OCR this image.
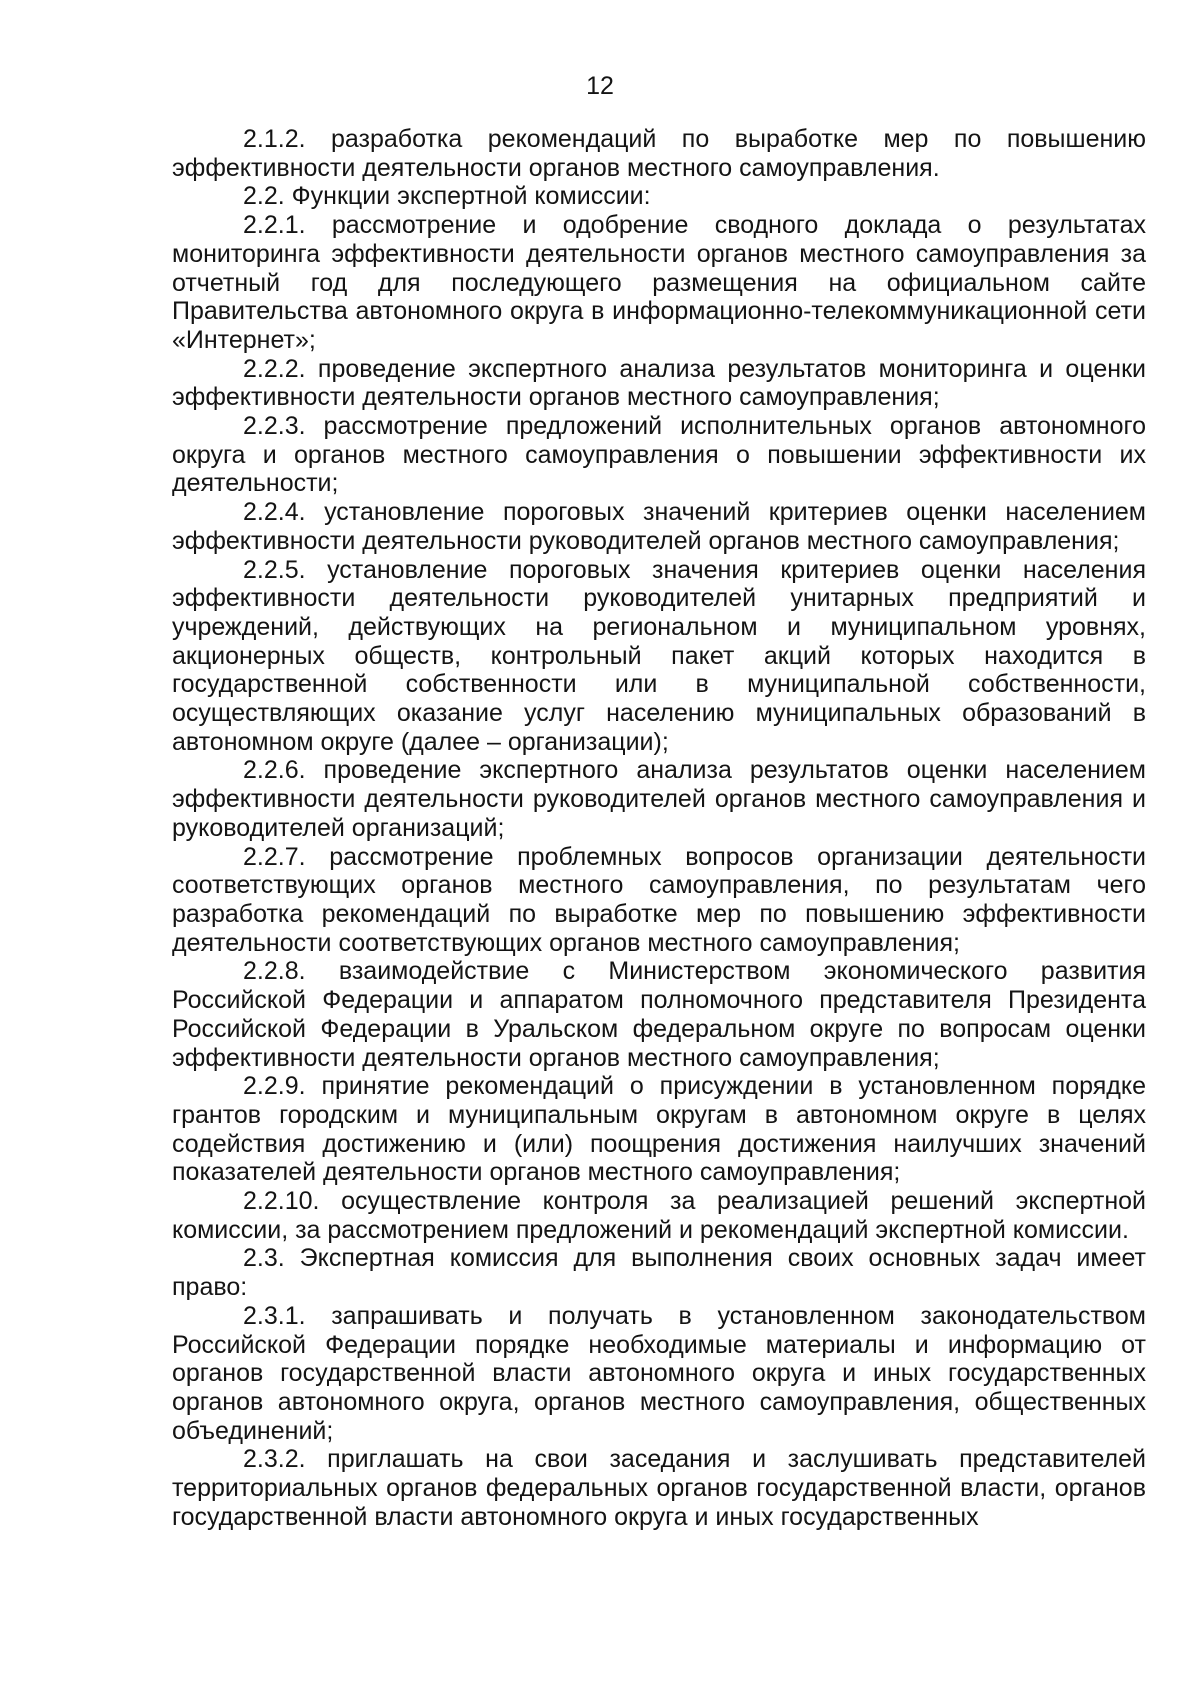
12

2.1.2. разработка рекомендаций по выработке мер по повышению эффективности деятельности органов местного самоуправления.

2.2. Функции экспертной комиссии:

2.2.1. рассмотрение и одобрение сводного доклада о результатах мониторинга эффективности деятельности органов местного самоуправления за отчетный год для последующего размещения на официальном сайте Правительства автономного округа в информационно-телекоммуникационной сети «Интернет»;

2.2.2. проведение экспертного анализа результатов мониторинга и оценки эффективности деятельности органов местного самоуправления;

2.2.3. рассмотрение предложений исполнительных органов автономного округа и органов местного самоуправления о повышении эффективности их деятельности;

2.2.4. установление пороговых значений критериев оценки населением эффективности деятельности руководителей органов местного самоуправления;

2.2.5. установление пороговых значения критериев оценки населения эффективности деятельности руководителей унитарных предприятий и учреждений, действующих на региональном и муниципальном уровнях, акционерных обществ, контрольный пакет акций которых находится в государственной собственности или в муниципальной собственности, осуществляющих оказание услуг населению муниципальных образований в автономном округе (далее – организации);

2.2.6. проведение экспертного анализа результатов оценки населением эффективности деятельности руководителей органов местного самоуправления и руководителей организаций;

2.2.7. рассмотрение проблемных вопросов организации деятельности соответствующих органов местного самоуправления, по результатам чего разработка рекомендаций по выработке мер по повышению эффективности деятельности соответствующих органов местного самоуправления;

2.2.8. взаимодействие с Министерством экономического развития Российской Федерации и аппаратом полномочного представителя Президента Российской Федерации в Уральском федеральном округе по вопросам оценки эффективности деятельности органов местного самоуправления;

2.2.9. принятие рекомендаций о присуждении в установленном порядке грантов городским и муниципальным округам в автономном округе в целях содействия достижению и (или) поощрения достижения наилучших значений показателей деятельности органов местного самоуправления;

2.2.10. осуществление контроля за реализацией решений экспертной комиссии, за рассмотрением предложений и рекомендаций экспертной комиссии.

2.3. Экспертная комиссия для выполнения своих основных задач имеет право:

2.3.1. запрашивать и получать в установленном законодательством Российской Федерации порядке необходимые материалы и информацию от органов государственной власти автономного округа и иных государственных органов автономного округа, органов местного самоуправления, общественных объединений;

2.3.2. приглашать на свои заседания и заслушивать представителей территориальных органов федеральных органов государственной власти, органов государственной власти автономного округа и иных государственных
